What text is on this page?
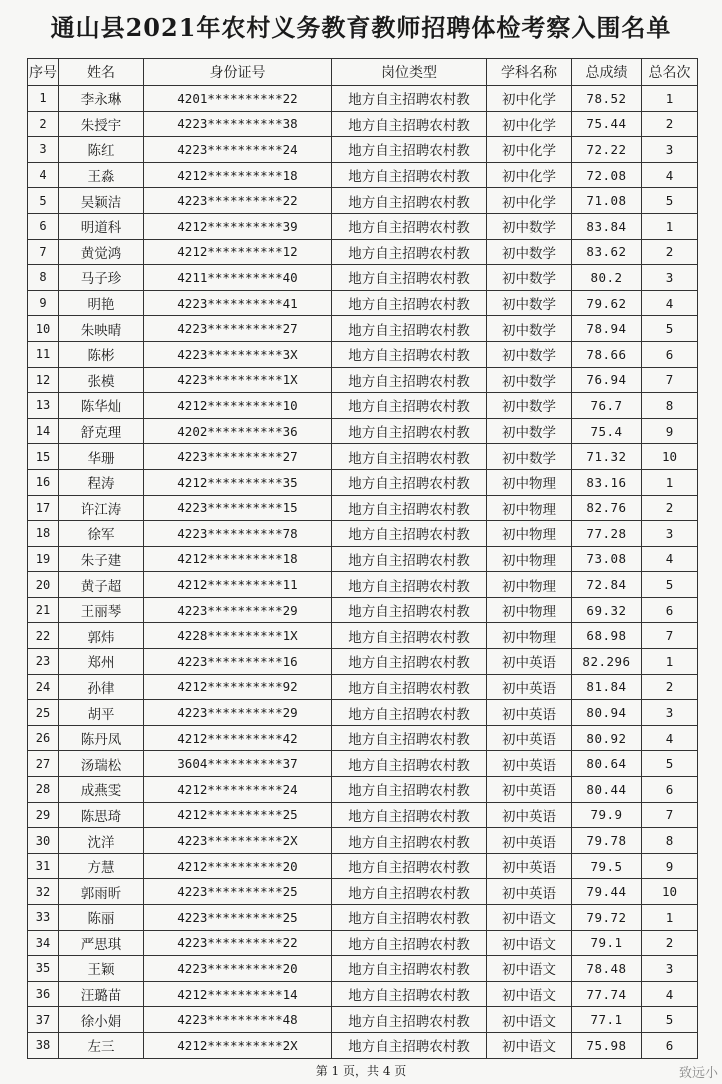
通山县2021年农村义务教育教师招聘体检考察入围名单
序号	姓名	身份证号	岗位类型	学科名称	总成绩	总名次
1	李永琳	4201**********22	地方自主招聘农村教	初中化学	78.52	1
2	朱授宇	4223**********38	地方自主招聘农村教	初中化学	75.44	2
3	陈红	4223**********24	地方自主招聘农村教	初中化学	72.22	3
4	王淼	4212**********18	地方自主招聘农村教	初中化学	72.08	4
5	吴颖洁	4223**********22	地方自主招聘农村教	初中化学	71.08	5
6	明道科	4212**********39	地方自主招聘农村教	初中数学	83.84	1
7	黄觉鸿	4212**********12	地方自主招聘农村教	初中数学	83.62	2
8	马子珍	4211**********40	地方自主招聘农村教	初中数学	80.2	3
9	明艳	4223**********41	地方自主招聘农村教	初中数学	79.62	4
10	朱映晴	4223**********27	地方自主招聘农村教	初中数学	78.94	5
11	陈彬	4223**********3X	地方自主招聘农村教	初中数学	78.66	6
12	张模	4223**********1X	地方自主招聘农村教	初中数学	76.94	7
13	陈华灿	4212**********10	地方自主招聘农村教	初中数学	76.7	8
14	舒克理	4202**********36	地方自主招聘农村教	初中数学	75.4	9
15	华珊	4223**********27	地方自主招聘农村教	初中数学	71.32	10
16	程涛	4212**********35	地方自主招聘农村教	初中物理	83.16	1
17	许江涛	4223**********15	地方自主招聘农村教	初中物理	82.76	2
18	徐军	4223**********78	地方自主招聘农村教	初中物理	77.28	3
19	朱子建	4212**********18	地方自主招聘农村教	初中物理	73.08	4
20	黄子超	4212**********11	地方自主招聘农村教	初中物理	72.84	5
21	王丽琴	4223**********29	地方自主招聘农村教	初中物理	69.32	6
22	郭炜	4228**********1X	地方自主招聘农村教	初中物理	68.98	7
23	郑州	4223**********16	地方自主招聘农村教	初中英语	82.296	1
24	孙律	4212**********92	地方自主招聘农村教	初中英语	81.84	2
25	胡平	4223**********29	地方自主招聘农村教	初中英语	80.94	3
26	陈丹凤	4212**********42	地方自主招聘农村教	初中英语	80.92	4
27	汤瑞松	3604**********37	地方自主招聘农村教	初中英语	80.64	5
28	成燕雯	4212**********24	地方自主招聘农村教	初中英语	80.44	6
29	陈思琦	4212**********25	地方自主招聘农村教	初中英语	79.9	7
30	沈洋	4223**********2X	地方自主招聘农村教	初中英语	79.78	8
31	方慧	4212**********20	地方自主招聘农村教	初中英语	79.5	9
32	郭雨昕	4223**********25	地方自主招聘农村教	初中英语	79.44	10
33	陈丽	4223**********25	地方自主招聘农村教	初中语文	79.72	1
34	严思琪	4223**********22	地方自主招聘农村教	初中语文	79.1	2
35	王颖	4223**********20	地方自主招聘农村教	初中语文	78.48	3
36	汪璐苗	4212**********14	地方自主招聘农村教	初中语文	77.74	4
37	徐小娟	4223**********48	地方自主招聘农村教	初中语文	77.1	5
38	左三	4212**********2X	地方自主招聘农村教	初中语文	75.98	6
第 1 页，共 4 页	致远小
